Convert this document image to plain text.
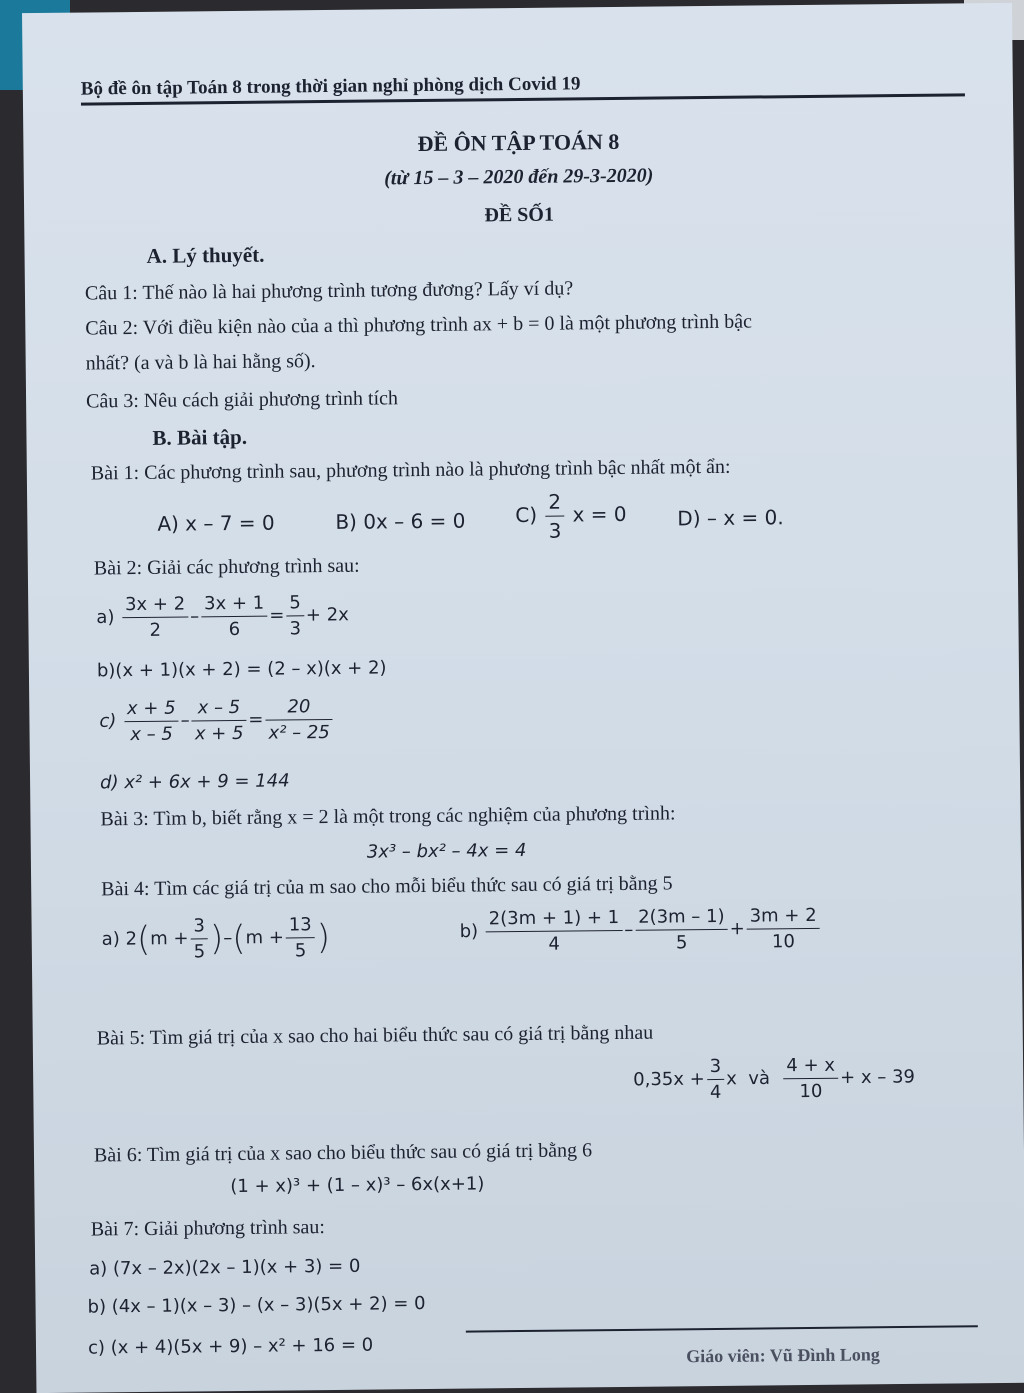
Bộ đề ôn tập Toán 8 trong thời gian nghỉ phòng dịch Covid 19
ĐỀ ÔN TẬP TOÁN 8
(từ 15 – 3 – 2020 đến 29-3-2020)
ĐỀ SỐ1
A. Lý thuyết.
Câu 1: Thế nào là hai phương trình tương đương? Lấy ví dụ?
Câu 2: Với điều kiện nào của a thì phương trình ax + b = 0 là một phương trình bậc
nhất? (a và b là hai hằng số).
Câu 3: Nêu cách giải phương trình tích
B. Bài tập.
Bài 1: Các phương trình sau, phương trình nào là phương trình bậc nhất một ẩn:
A) x – 7 = 0	B) 0x – 6 = 0 $C) \frac{2}{3}$ x = 0	D) – x = 0.
Bài 2: Giải các phương trình sau:
$a) \frac{3x + 2}{2} - \frac{3x + 1}{6} = \frac{5}{3} + 2x$
b)(x + 1)(x + 2) = (2 – x)(x + 2)
$c) \frac{x + 5}{x - 5} - \frac{x - 5}{x + 5} = \frac{20}{\text{x² – 25}}$
d) x² + 6x + 9 = 144
Bài 3: Tìm b, biết rằng x = 2 là một trong các nghiệm của phương trình:
3x³ – bx² – 4x = 4
Bài 4: Tìm các giá trị của m sao cho mỗi biểu thức sau có giá trị bằng 5
a) $2(m + \frac{3}{5} )-(m + \frac{13}{5}$ )	$b) \frac{2(3m + 1) + 1}{4} - \frac{2(3m - 1)}{5} + \frac{3m + 2}{10}$
Bài 5: Tìm giá trị của x sao cho hai biểu thức sau có giá trị bằng nhau
$0,35x + \frac{3}{4}$ x và $\frac{4 + x}{10} + x - 39$
Bài 6: Tìm giá trị của x sao cho biểu thức sau có giá trị bằng 6
(1 + x)³ + (1 – x)³ – 6x(x+1)
Bài 7: Giải phương trình sau:
a) (7x – 2x)(2x – 1)(x + 3) = 0
b) (4x – 1)(x – 3) – (x – 3)(5x + 2) = 0
c) (x + 4)(5x + 9) – x² + 16 = 0	Giáo viên: Vũ Đình Long
